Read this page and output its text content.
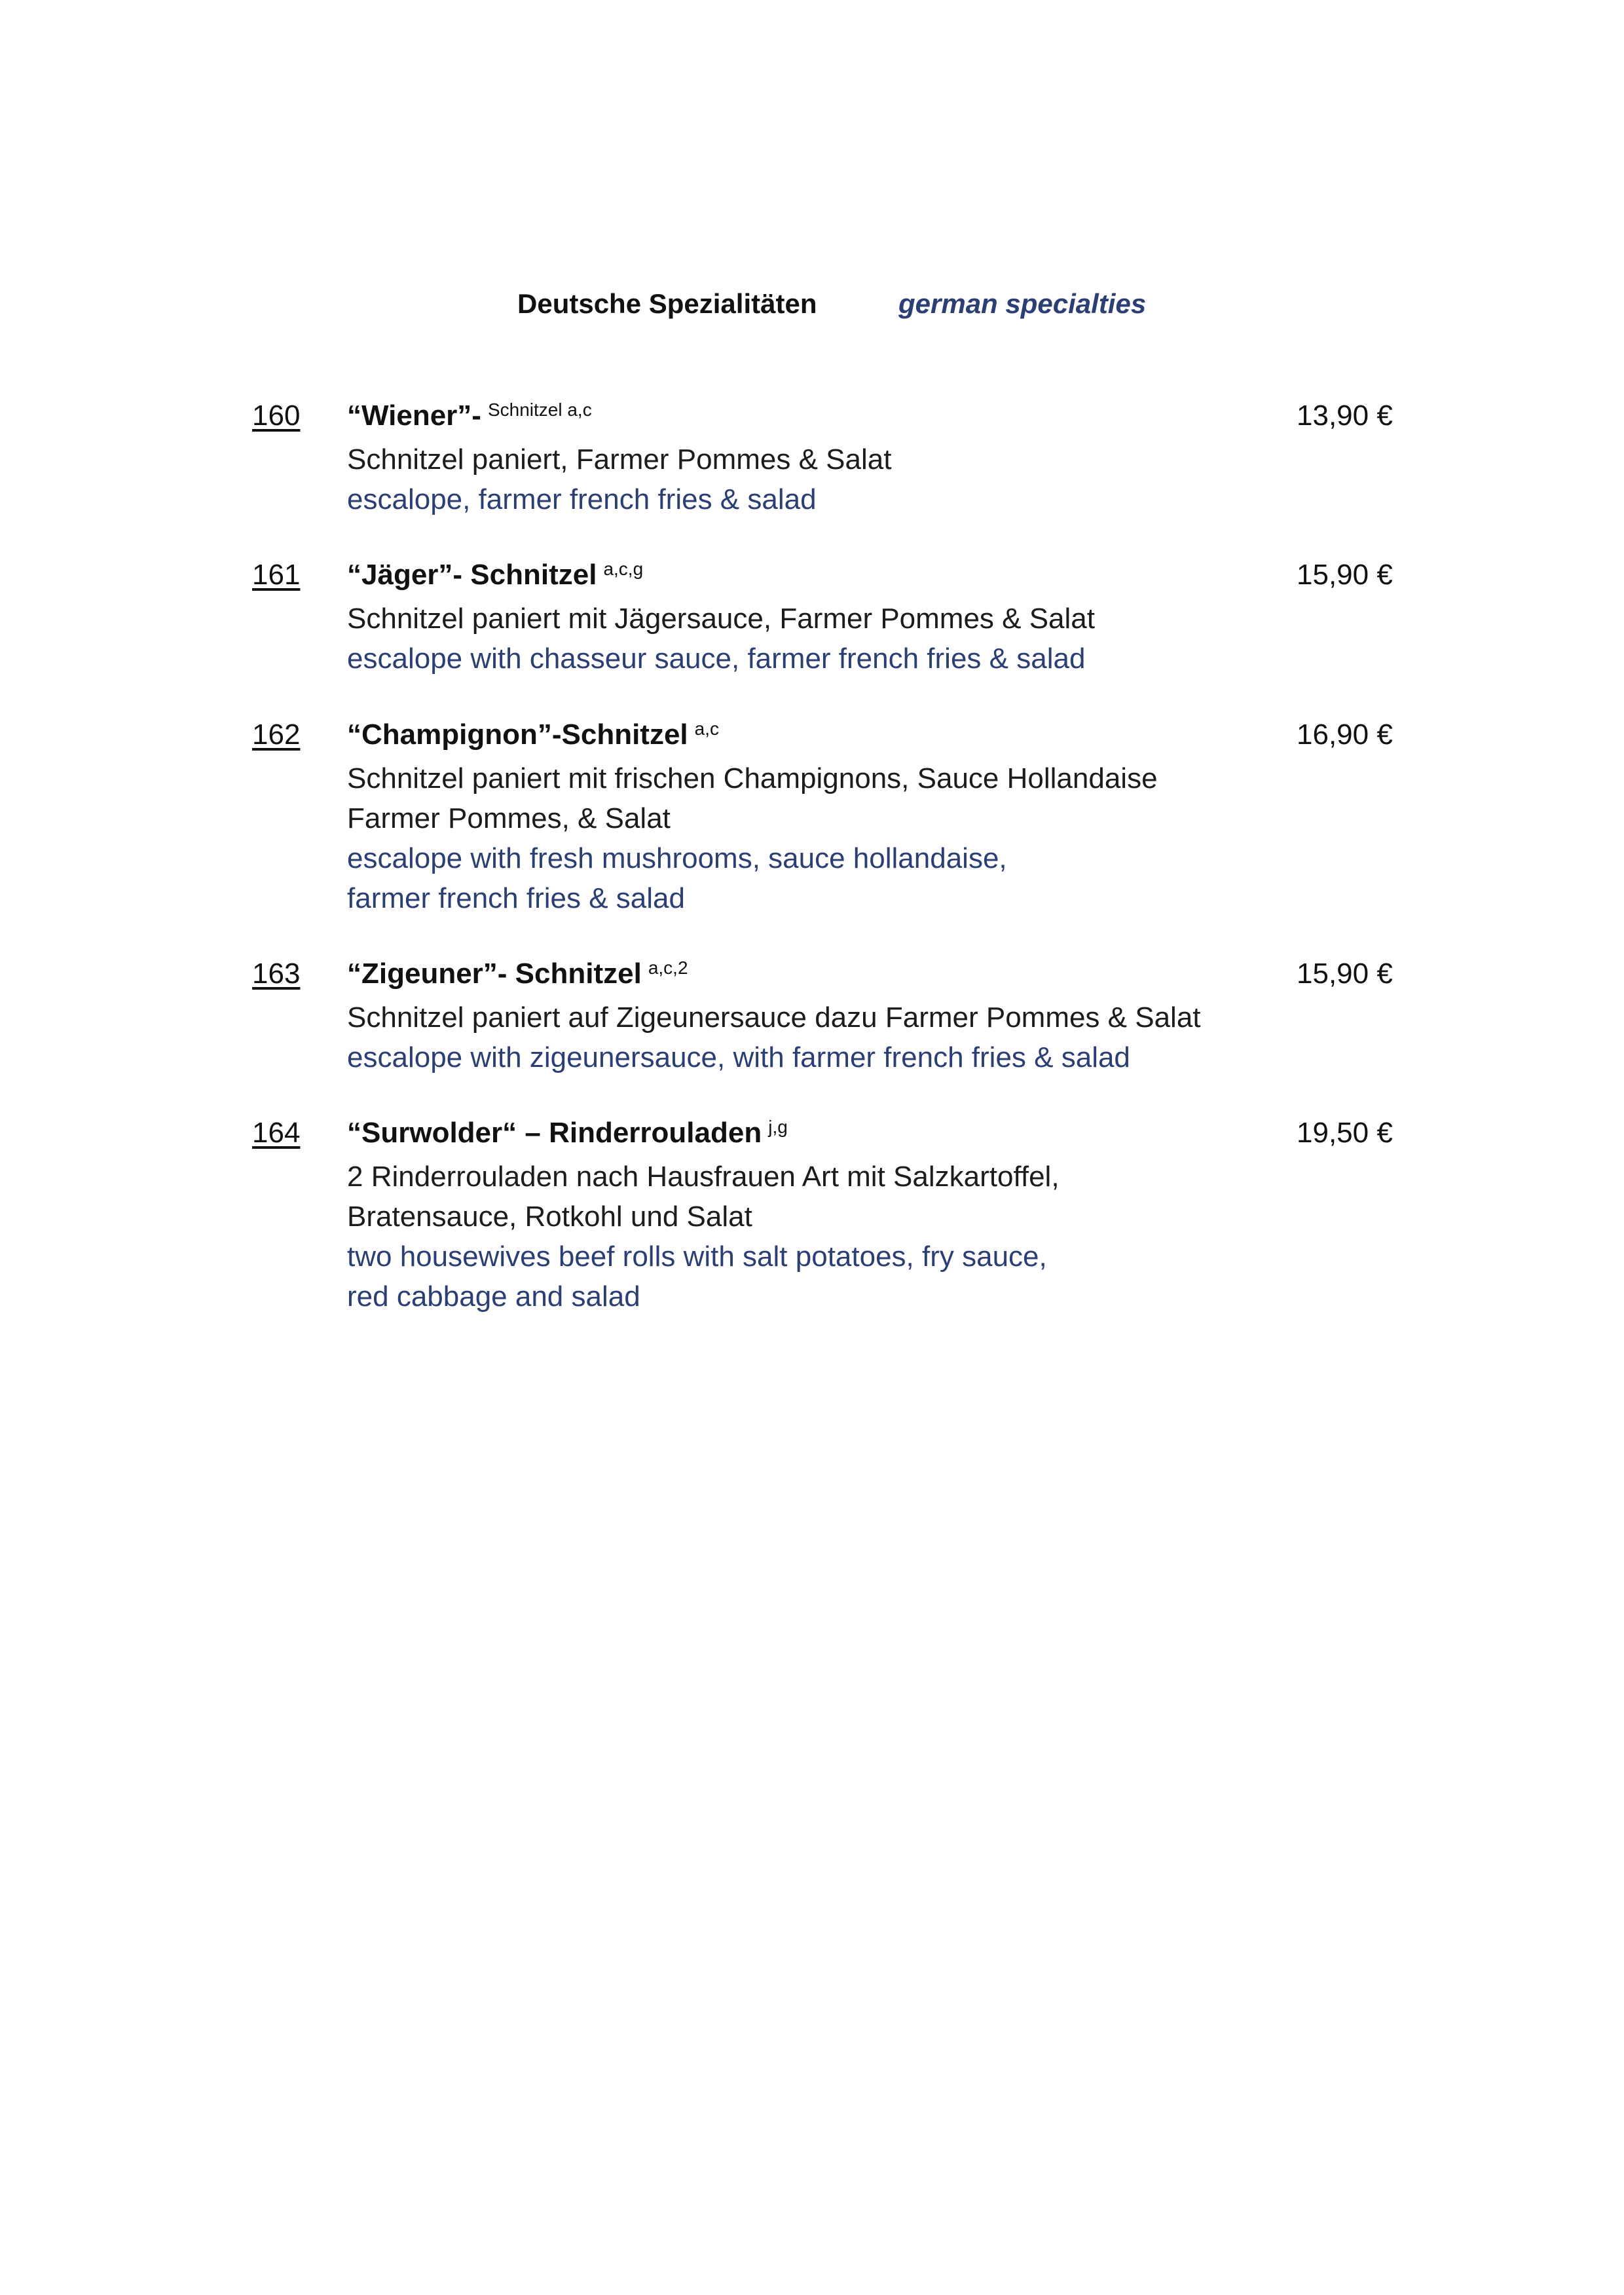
Deutsche Spezialitäten	german specialties
160 “Wiener”- $^{Schnitzel a,c}$	13,90 €
Schnitzel paniert, Farmer Pommes & Salat
escalope, farmer french fries & salad
161 “Jäger”- Schnitzel $^{a,c,g}$	15,90 €
Schnitzel paniert mit Jägersauce, Farmer Pommes & Salat
escalope with chasseur sauce, farmer french fries & salad
162 “Champignon”-Schnitzel $^{a,c}$	16,90 €
Schnitzel paniert mit frischen Champignons, Sauce Hollandaise
Farmer Pommes, & Salat
escalope with fresh mushrooms, sauce hollandaise,
farmer french fries & salad
163 “Zigeuner”- Schnitzel $^{a,c,2}$	15,90 €
Schnitzel paniert auf Zigeunersauce dazu Farmer Pommes & Salat
escalope with zigeunersauce, with farmer french fries & salad
164 “Surwolder“ – Rinderrouladen $^{j,g}$	19,50 €
2 Rinderrouladen nach Hausfrauen Art mit Salzkartoffel,
Bratensauce, Rotkohl und Salat
two housewives beef rolls with salt potatoes, fry sauce,
red cabbage and salad
